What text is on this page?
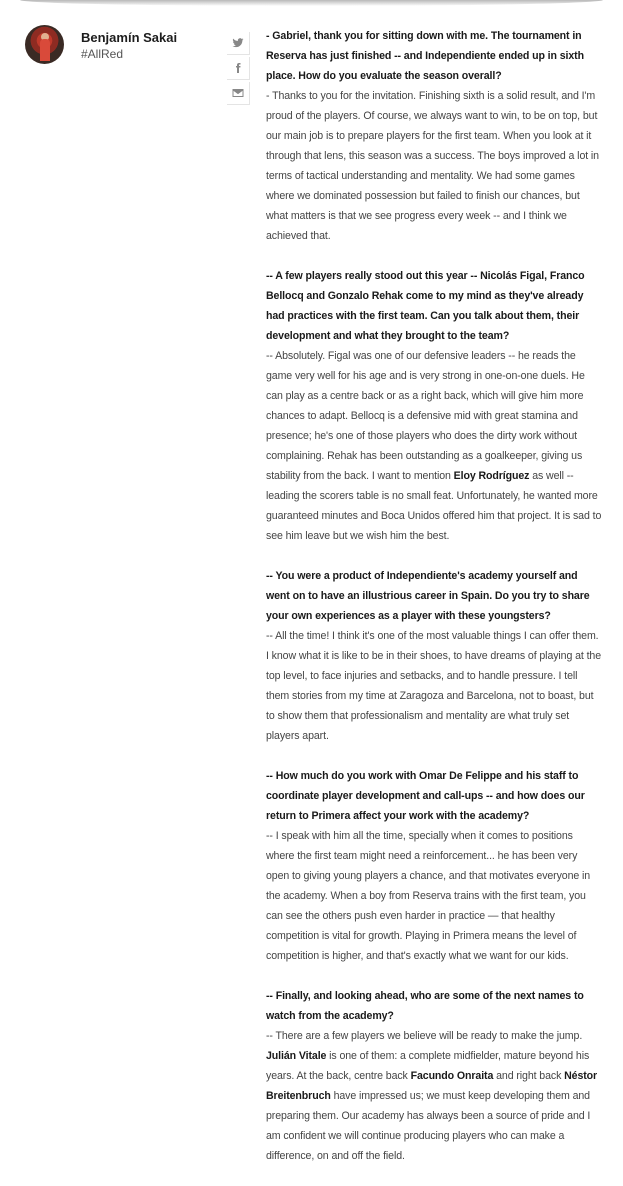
Benjamín Sakai
#AllRed

- Gabriel, thank you for sitting down with me. The tournament in Reserva has just finished -- and Independiente ended up in sixth place. How do you evaluate the season overall?

- Thanks to you for the invitation. Finishing sixth is a solid result, and I'm proud of the players. Of course, we always want to win, to be on top, but our main job is to prepare players for the first team. When you look at it through that lens, this season was a success. The boys improved a lot in terms of tactical understanding and mentality. We had some games where we dominated possession but failed to finish our chances, but what matters is that we see progress every week -- and I think we achieved that.

-- A few players really stood out this year -- Nicolás Figal, Franco Bellocq and Gonzalo Rehak come to my mind as they've already had practices with the first team. Can you talk about them, their development and what they brought to the team?

-- Absolutely. Figal was one of our defensive leaders -- he reads the game very well for his age and is very strong in one-on-one duels. He can play as a centre back or as a right back, which will give him more chances to adapt. Bellocq is a defensive mid with great stamina and presence; he's one of those players who does the dirty work without complaining. Rehak has been outstanding as a goalkeeper, giving us stability from the back. I want to mention Eloy Rodríguez as well -- leading the scorers table is no small feat. Unfortunately, he wanted more guaranteed minutes and Boca Unidos offered him that project. It is sad to see him leave but we wish him the best.

-- You were a product of Independiente's academy yourself and went on to have an illustrious career in Spain. Do you try to share your own experiences as a player with these youngsters?

-- All the time! I think it's one of the most valuable things I can offer them. I know what it is like to be in their shoes, to have dreams of playing at the top level, to face injuries and setbacks, and to handle pressure. I tell them stories from my time at Zaragoza and Barcelona, not to boast, but to show them that professionalism and mentality are what truly set players apart.

-- How much do you work with Omar De Felippe and his staff to coordinate player development and call-ups -- and how does our return to Primera affect your work with the academy?

-- I speak with him all the time, specially when it comes to positions where the first team might need a reinforcement... he has been very open to giving young players a chance, and that motivates everyone in the academy. When a boy from Reserva trains with the first team, you can see the others push even harder in practice — that healthy competition is vital for growth. Playing in Primera means the level of competition is higher, and that's exactly what we want for our kids.

-- Finally, and looking ahead, who are some of the next names to watch from the academy?

-- There are a few players we believe will be ready to make the jump. Julián Vitale is one of them: a complete midfielder, mature beyond his years. At the back, centre back Facundo Onraita and right back Néstor Breitenbruch have impressed us; we must keep developing them and preparing them. Our academy has always been a source of pride and I am confident we will continue producing players who can make a difference, on and off the field.
